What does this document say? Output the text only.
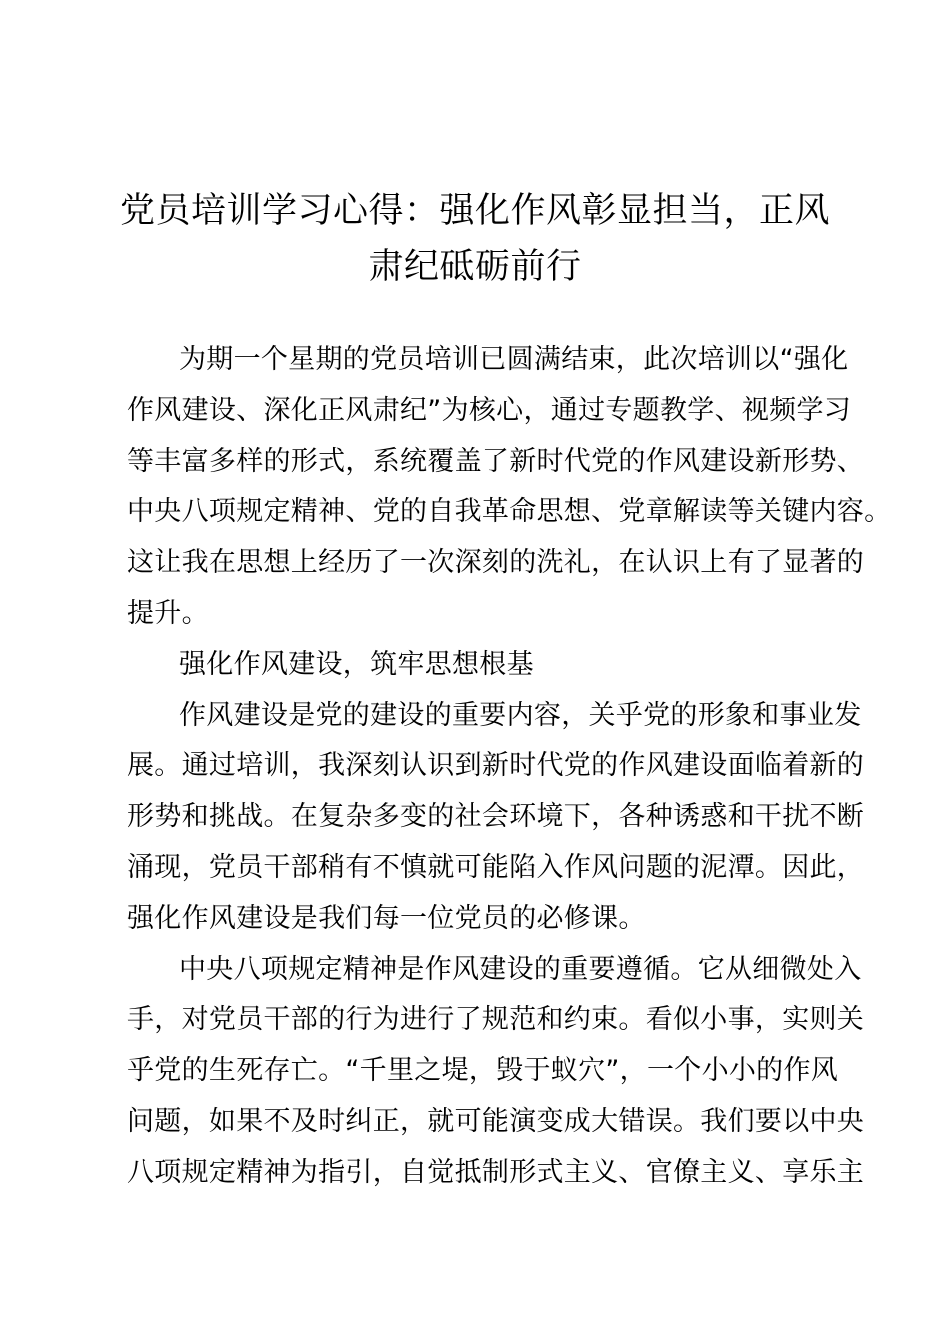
党员培训学习心得：强化作风彰显担当，正风
肃纪砥砺前行
为期一个星期的党员培训已圆满结束，此次培训以“强化
作风建设、深化正风肃纪”为核心，通过专题教学、视频学习
等丰富多样的形式，系统覆盖了新时代党的作风建设新形势、
中央八项规定精神、党的自我革命思想、党章解读等关键内容。
这让我在思想上经历了一次深刻的洗礼，在认识上有了显著的
提升。
强化作风建设，筑牢思想根基
作风建设是党的建设的重要内容，关乎党的形象和事业发
展。通过培训，我深刻认识到新时代党的作风建设面临着新的
形势和挑战。在复杂多变的社会环境下，各种诱惑和干扰不断
涌现，党员干部稍有不慎就可能陷入作风问题的泥潭。因此，
强化作风建设是我们每一位党员的必修课。
中央八项规定精神是作风建设的重要遵循。它从细微处入
手，对党员干部的行为进行了规范和约束。看似小事，实则关
乎党的生死存亡。“千里之堤，毁于蚁穴”，一个小小的作风
问题，如果不及时纠正，就可能演变成大错误。我们要以中央
八项规定精神为指引，自觉抵制形式主义、官僚主义、享乐主
